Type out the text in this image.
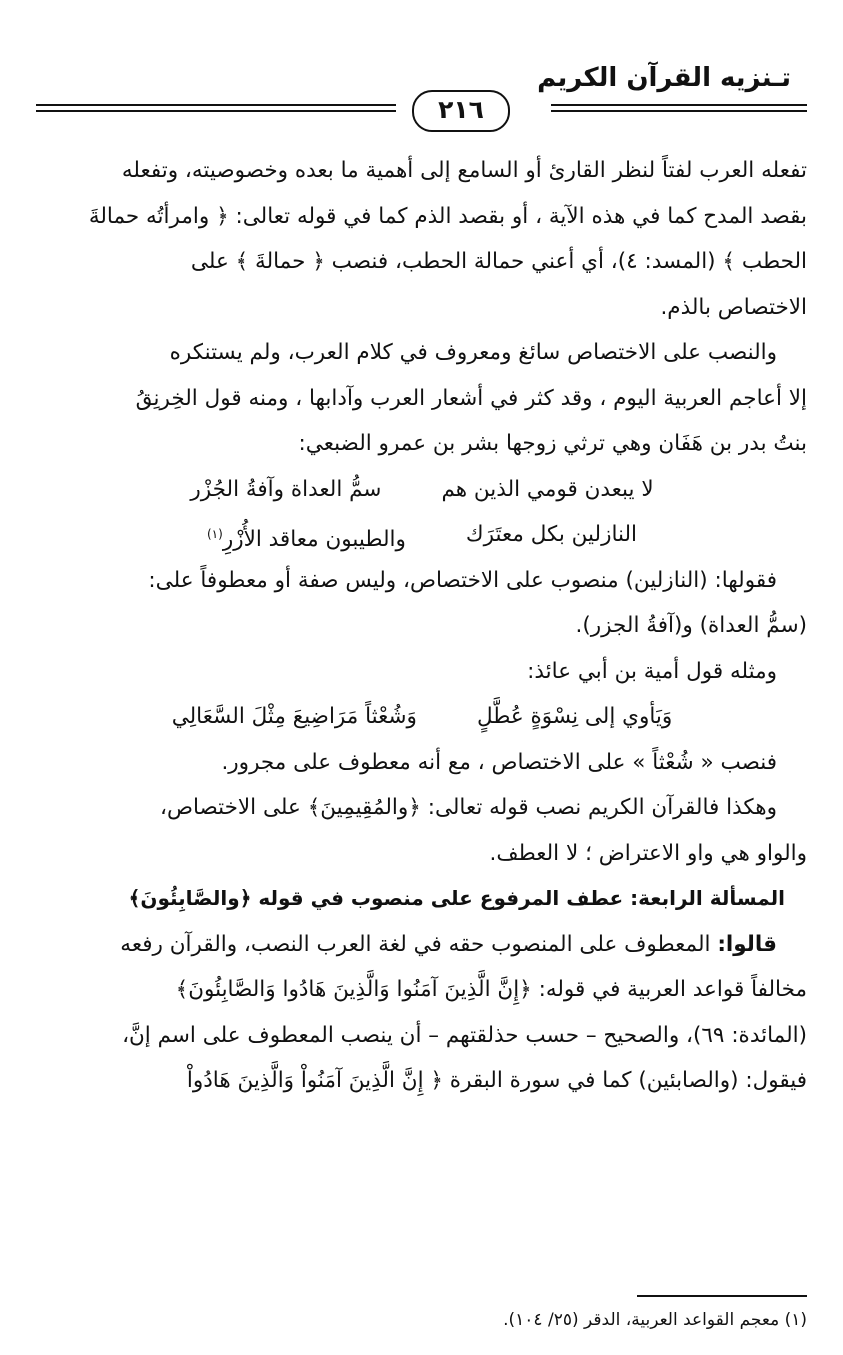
تـنزيه القرآن الكريم
٢١٦

تفعله العرب لفتاً لنظر القارئ أو السامع إلى أهمية ما بعده وخصوصيته، وتفعله

بقصد المدح كما في هذه الآية ، أو بقصد الذم كما في قوله تعالى: ﴿ وامرأتُه حمالةَ

الحطب ﴾ (المسد: ٤)، أي أعني حمالة الحطب، فنصب ﴿ حمالةَ ﴾ على

الاختصاص بالذم.

والنصب على الاختصاص سائغ ومعروف في كلام العرب، ولم يستنكره

إلا أعاجم العربية اليوم ، وقد كثر في أشعار العرب وآدابها ، ومنه قول الخِرنِقُ

بنتُ بدر بن هَفَان وهي ترثي زوجها بشر بن عمرو الضبعي:

لا يبعدن قومي الذين هم
سمُّ العداة وآفةُ الجُزْر
النازلين بكل معتَرَك
والطيبون معاقد الأُزْرِ$^{(١)}$

فقولها: (النازلين) منصوب على الاختصاص، وليس صفة أو معطوفاً على:

(سمُّ العداة) و(آفةُ الجزر).

ومثله قول أمية بن أبي عائذ:

وَيَأوي إلى نِسْوَةٍ عُطَّلٍ
وَشُعْثاً مَرَاضِيعَ مِثْلَ السَّعَالِي

فنصب « شُعْثاً » على الاختصاص ، مع أنه معطوف على مجرور.

وهكذا فالقرآن الكريم نصب قوله تعالى: ﴿والمُقِيمِينَ﴾ على الاختصاص،

والواو هي واو الاعتراض ؛ لا العطف.

المسألة الرابعة: عطف المرفوع على منصوب في قوله ﴿والصَّابِئُونَ﴾

قالوا: المعطوف على المنصوب حقه في لغة العرب النصب، والقرآن رفعه

مخالفاً قواعد العربية في قوله: ﴿إِنَّ الَّذِينَ آمَنُوا وَالَّذِينَ هَادُوا وَالصَّابِئُونَ﴾

(المائدة: ٦٩)، والصحيح – حسب حذلقتهم – أن ينصب المعطوف على اسم إنَّ،

فيقول: (والصابئين) كما في سورة البقرة ﴿ إِنَّ الَّذِينَ آمَنُواْ وَالَّذِينَ هَادُواْ

(١) معجم القواعد العربية، الدقر (٢٥/ ١٠٤).
